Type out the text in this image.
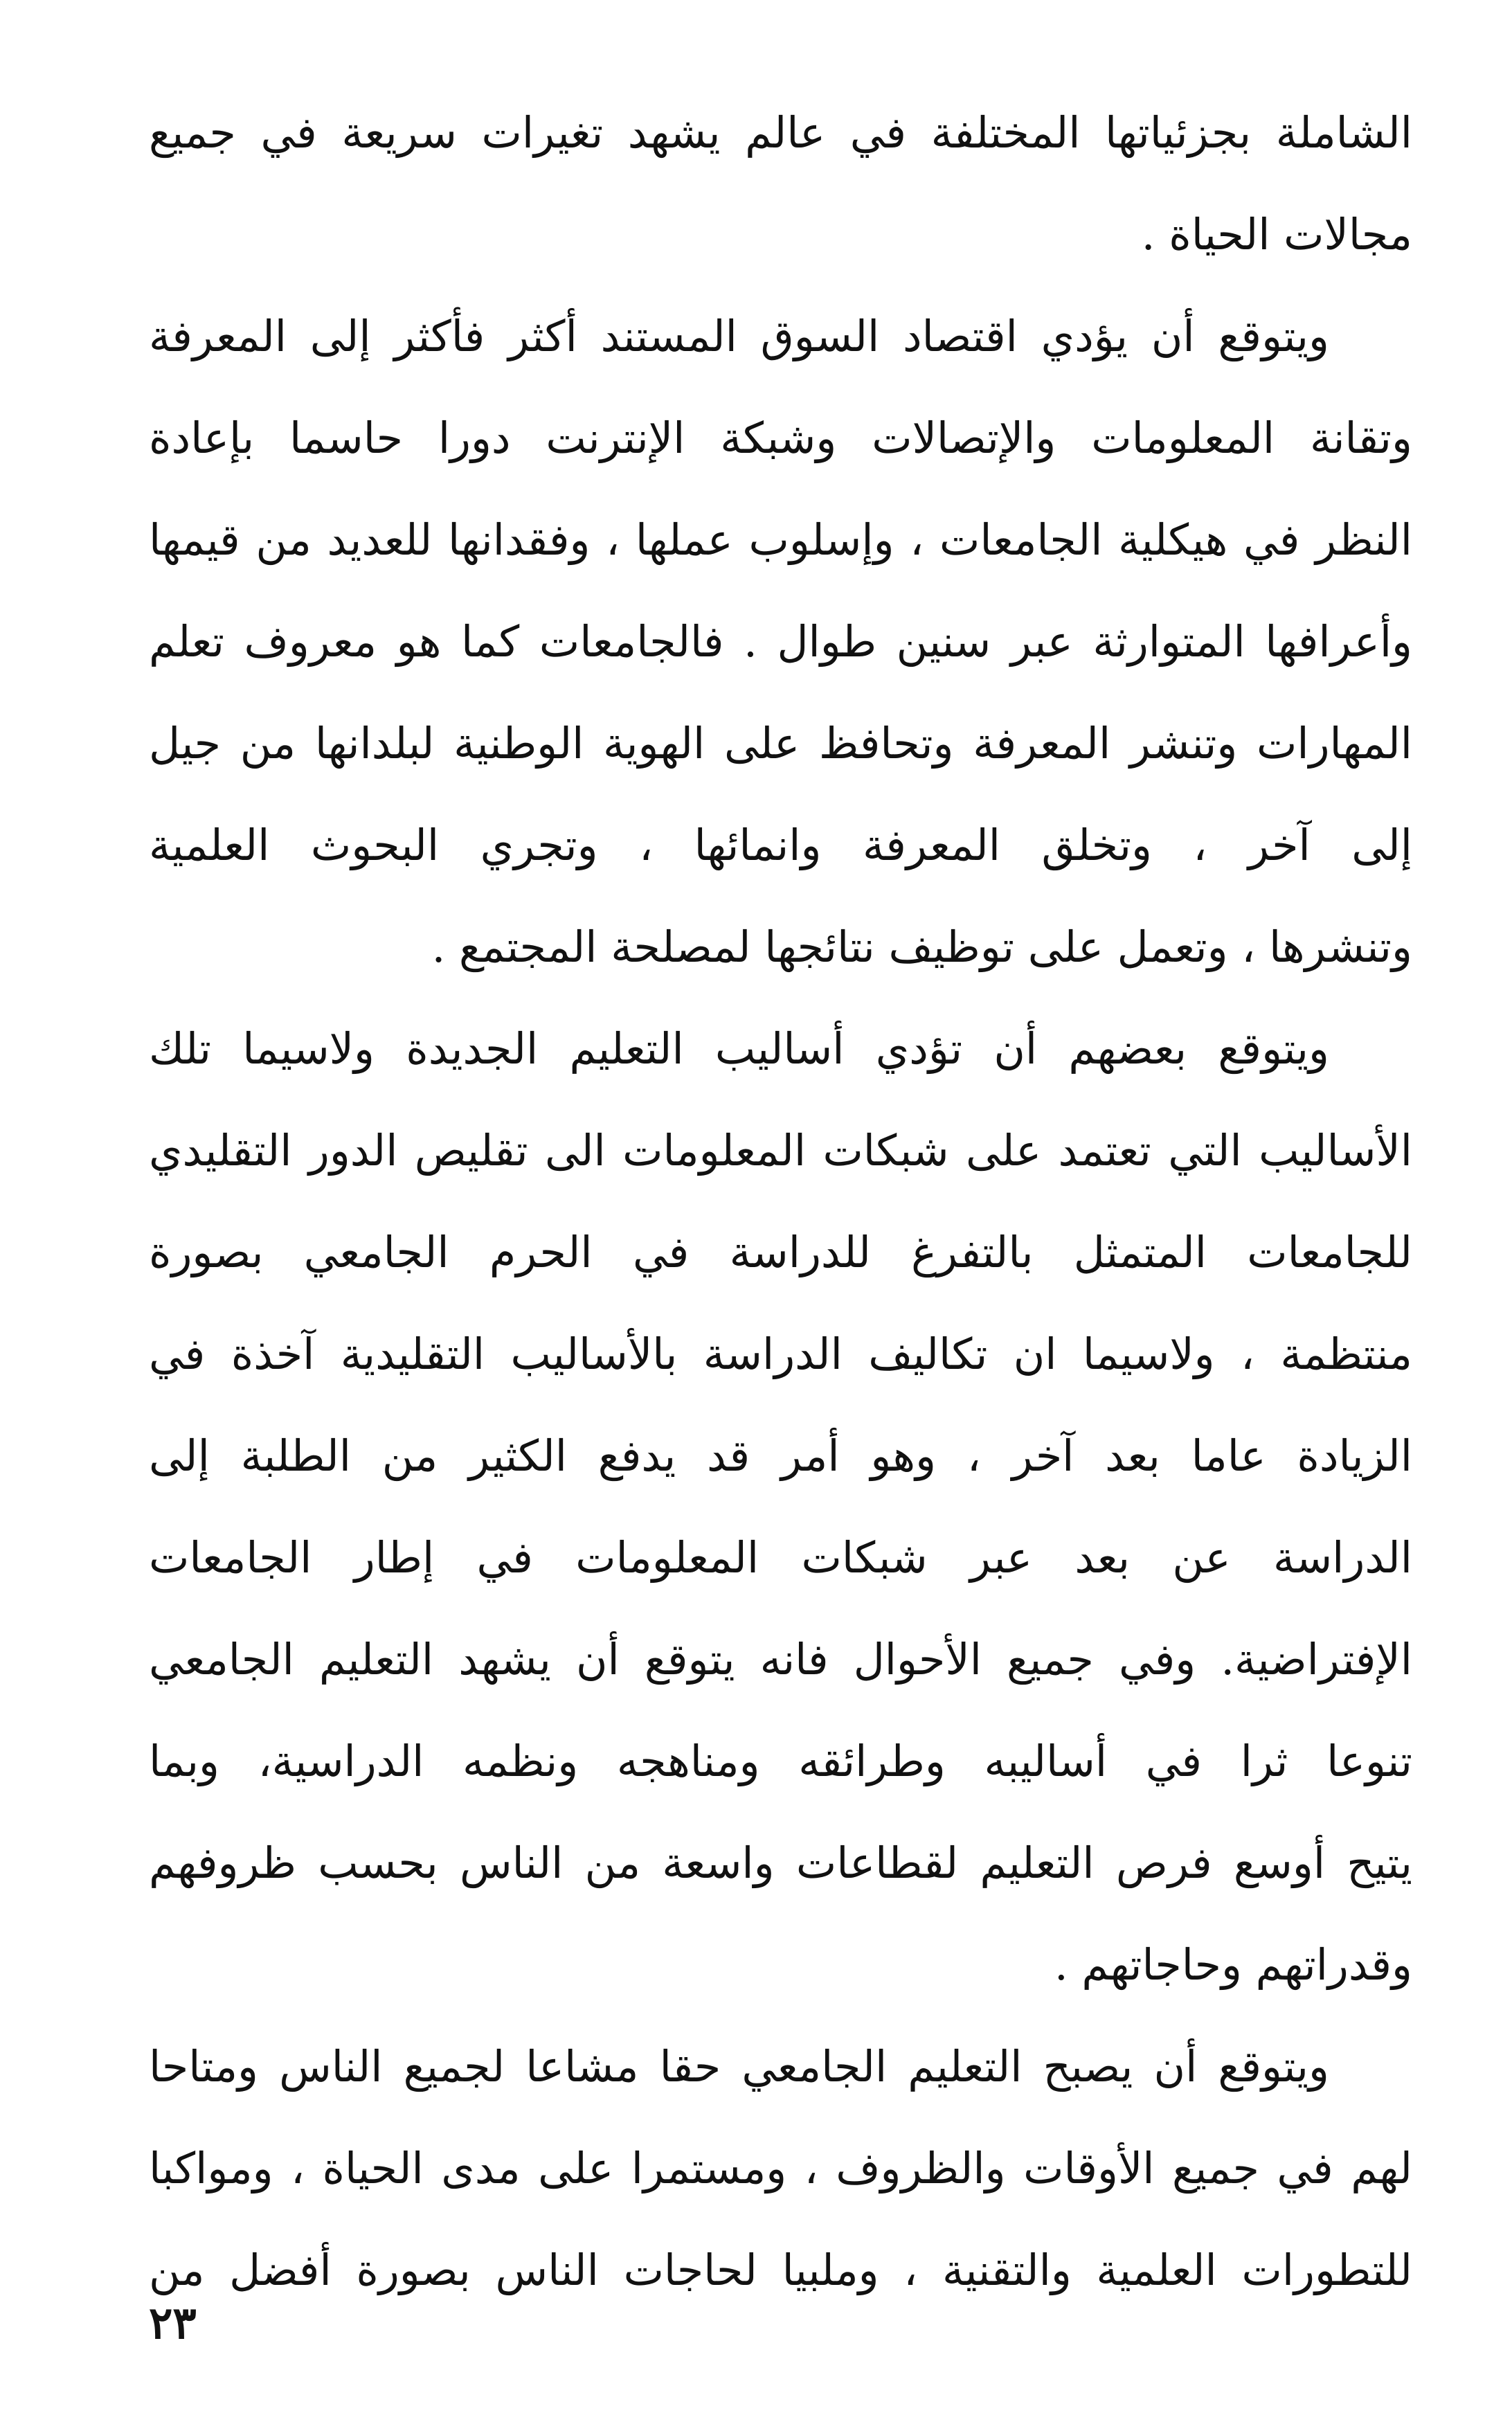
الشاملة بجزئياتها المختلفة في عالم يشهد تغيرات سريعة في جميع
مجالات الحياة .
ويتوقع أن يؤدي اقتصاد السوق المستند أكثر فأكثر إلى المعرفة
وتقانة المعلومات والإتصالات وشبكة الإنترنت دورا حاسما بإعادة
النظر في هيكلية الجامعات ، وإسلوب عملها ، وفقدانها للعديد من قيمها
وأعرافها المتوارثة عبر سنين طوال . فالجامعات كما هو معروف تعلم
المهارات وتنشر المعرفة وتحافظ على الهوية الوطنية لبلدانها من جيل
إلى آخر ، وتخلق المعرفة وانمائها ، وتجري البحوث العلمية
وتنشرها ، وتعمل على توظيف نتائجها لمصلحة المجتمع .
ويتوقع بعضهم أن تؤدي أساليب التعليم الجديدة ولاسيما تلك
الأساليب التي تعتمد على شبكات المعلومات الى تقليص الدور التقليدي
للجامعات المتمثل بالتفرغ للدراسة في الحرم الجامعي بصورة
منتظمة ، ولاسيما ان تكاليف الدراسة بالأساليب التقليدية آخذة في
الزيادة عاما بعد آخر ، وهو أمر قد يدفع الكثير من الطلبة إلى
الدراسة عن بعد عبر شبكات المعلومات في إطار الجامعات
الإفتراضية. وفي جميع الأحوال فانه يتوقع أن يشهد التعليم الجامعي
تنوعا ثرا في أساليبه وطرائقه ومناهجه ونظمه الدراسية، وبما
يتيح أوسع فرص التعليم لقطاعات واسعة من الناس بحسب ظروفهم
وقدراتهم وحاجاتهم .
ويتوقع أن يصبح التعليم الجامعي حقا مشاعا لجميع الناس ومتاحا
لهم في جميع الأوقات والظروف ، ومستمرا على مدى الحياة ، ومواكبا
للتطورات العلمية والتقنية ، وملبيا لحاجات الناس بصورة أفضل من
٢٣
